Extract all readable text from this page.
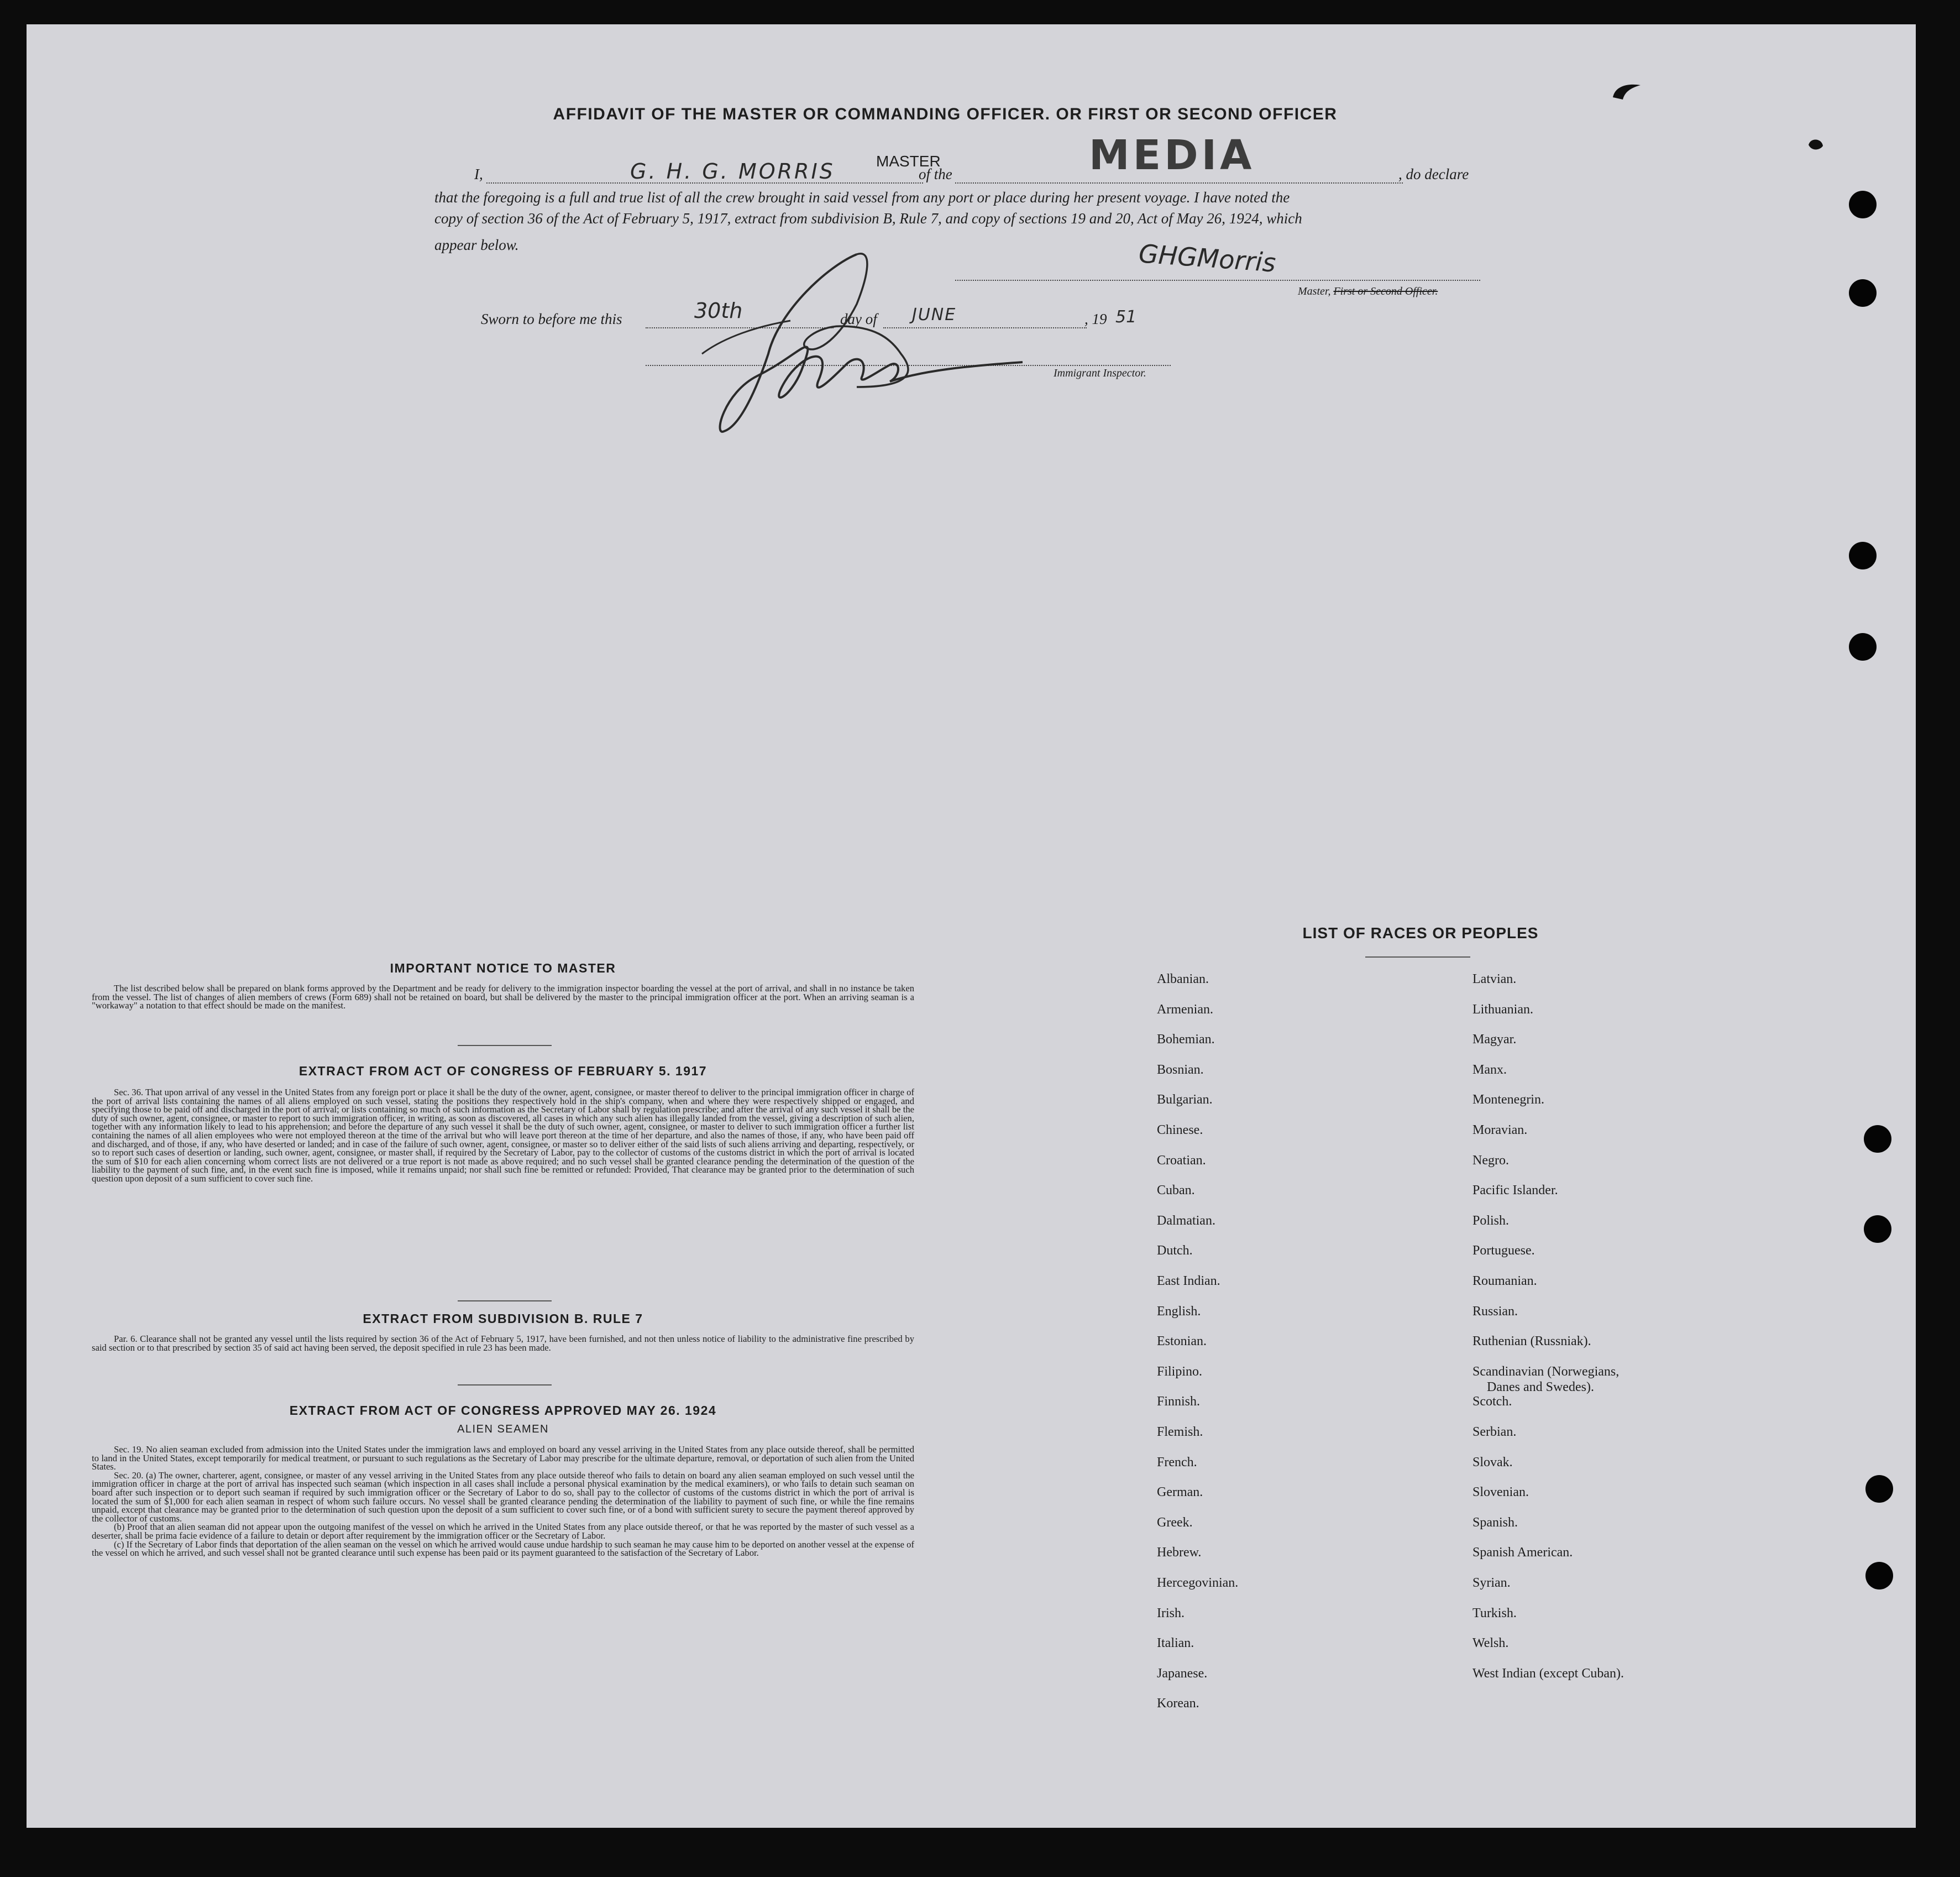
AFFIDAVIT OF THE MASTER OR COMMANDING OFFICER. OR FIRST OR SECOND OFFICER
I,	G. H. G. MORRIS	MASTER
of the	MEDIA	, do declare
that the foregoing is a full and true list of all the crew brought in said vessel from any port or place during her present voyage. I have noted the
copy of section 36 of the Act of February 5, 1917, extract from subdivision B, Rule 7, and copy of sections 19 and 20, Act of May 26, 1924, which
appear below.	GHGMorris
Master, First or Second Officer.
Sworn to before me this	30th	day of JUNE	, 19 51
Immigrant Inspector.
IMPORTANT NOTICE TO MASTER

The list described below shall be prepared on blank forms approved by the Department and be ready for delivery to the immigration inspector boarding the vessel at the port of arrival, and shall in no instance be taken from the vessel. The list of changes of alien members of crews (Form 689) shall not be retained on board, but shall be delivered by the master to the principal immigration officer at the port. When an arriving seaman is a "workaway" a notation to that effect should be made on the manifest.

EXTRACT FROM ACT OF CONGRESS OF FEBRUARY 5. 1917

Sec. 36. That upon arrival of any vessel in the United States from any foreign port or place it shall be the duty of the owner, agent, consignee, or master thereof to deliver to the principal immigration officer in charge of the port of arrival lists containing the names of all aliens employed on such vessel, stating the positions they respectively hold in the ship's company, when and where they were respectively shipped or engaged, and specifying those to be paid off and discharged in the port of arrival; or lists containing so much of such information as the Secretary of Labor shall by regulation prescribe; and after the arrival of any such vessel it shall be the duty of such owner, agent, consignee, or master to report to such immigration officer, in writing, as soon as discovered, all cases in which any such alien has illegally landed from the vessel, giving a description of such alien, together with any information likely to lead to his apprehension; and before the departure of any such vessel it shall be the duty of such owner, agent, consignee, or master to deliver to such immigration officer a further list containing the names of all alien employees who were not employed thereon at the time of the arrival but who will leave port thereon at the time of her departure, and also the names of those, if any, who have been paid off and discharged, and of those, if any, who have deserted or landed; and in case of the failure of such owner, agent, consignee, or master so to deliver either of the said lists of such aliens arriving and departing, respectively, or so to report such cases of desertion or landing, such owner, agent, consignee, or master shall, if required by the Secretary of Labor, pay to the collector of customs of the customs district in which the port of arrival is located the sum of $10 for each alien concerning whom correct lists are not delivered or a true report is not made as above required; and no such vessel shall be granted clearance pending the determination of the question of the liability to the payment of such fine, and, in the event such fine is imposed, while it remains unpaid; nor shall such fine be remitted or refunded: Provided, That clearance may be granted prior to the determination of such question upon deposit of a sum sufficient to cover such fine.

EXTRACT FROM SUBDIVISION B. RULE 7

Par. 6. Clearance shall not be granted any vessel until the lists required by section 36 of the Act of February 5, 1917, have been furnished, and not then unless notice of liability to the administrative fine prescribed by said section or to that prescribed by section 35 of said act having been served, the deposit specified in rule 23 has been made.

EXTRACT FROM ACT OF CONGRESS APPROVED MAY 26. 1924
ALIEN SEAMEN

Sec. 19. No alien seaman excluded from admission into the United States under the immigration laws and employed on board any vessel arriving in the United States from any place outside thereof, shall be permitted to land in the United States, except temporarily for medical treatment, or pursuant to such regulations as the Secretary of Labor may prescribe for the ultimate departure, removal, or deportation of such alien from the United States.

Sec. 20. (a) The owner, charterer, agent, consignee, or master of any vessel arriving in the United States from any place outside thereof who fails to detain on board any alien seaman employed on such vessel until the immigration officer in charge at the port of arrival has inspected such seaman (which inspection in all cases shall include a personal physical examination by the medical examiners), or who fails to detain such seaman on board after such inspection or to deport such seaman if required by such immigration officer or the Secretary of Labor to do so, shall pay to the collector of customs of the customs district in which the port of arrival is located the sum of $1,000 for each alien seaman in respect of whom such failure occurs. No vessel shall be granted clearance pending the determination of the liability to payment of such fine, or while the fine remains unpaid, except that clearance may be granted prior to the determination of such question upon the deposit of a sum sufficient to cover such fine, or of a bond with sufficient surety to secure the payment thereof approved by the collector of customs.

(b) Proof that an alien seaman did not appear upon the outgoing manifest of the vessel on which he arrived in the United States from any place outside thereof, or that he was reported by the master of such vessel as a deserter, shall be prima facie evidence of a failure to detain or deport after requirement by the immigration officer or the Secretary of Labor.

(c) If the Secretary of Labor finds that deportation of the alien seaman on the vessel on which he arrived would cause undue hardship to such seaman he may cause him to be deported on another vessel at the expense of the vessel on which he arrived, and such vessel shall not be granted clearance until such expense has been paid or its payment guaranteed to the satisfaction of the Secretary of Labor.

LIST OF RACES OR PEOPLES
Albanian.
Armenian.
Bohemian.
Bosnian.
Bulgarian.
Chinese.
Croatian.
Cuban.
Dalmatian.
Dutch.
East Indian.
English.
Estonian.
Filipino.
Finnish.
Flemish.
French.
German.
Greek.
Hebrew.
Hercegovinian.
Irish.
Italian.
Japanese.
Korean.
Latvian.
Lithuanian.
Magyar.
Manx.
Montenegrin.
Moravian.
Negro.
Pacific Islander.
Polish.
Portuguese.
Roumanian.
Russian.
Ruthenian (Russniak).
Scandinavian (Norwegians,
Danes and Swedes).
Scotch.
Serbian.
Slovak.
Slovenian.
Spanish.
Spanish American.
Syrian.
Turkish.
Welsh.
West Indian (except Cuban).
